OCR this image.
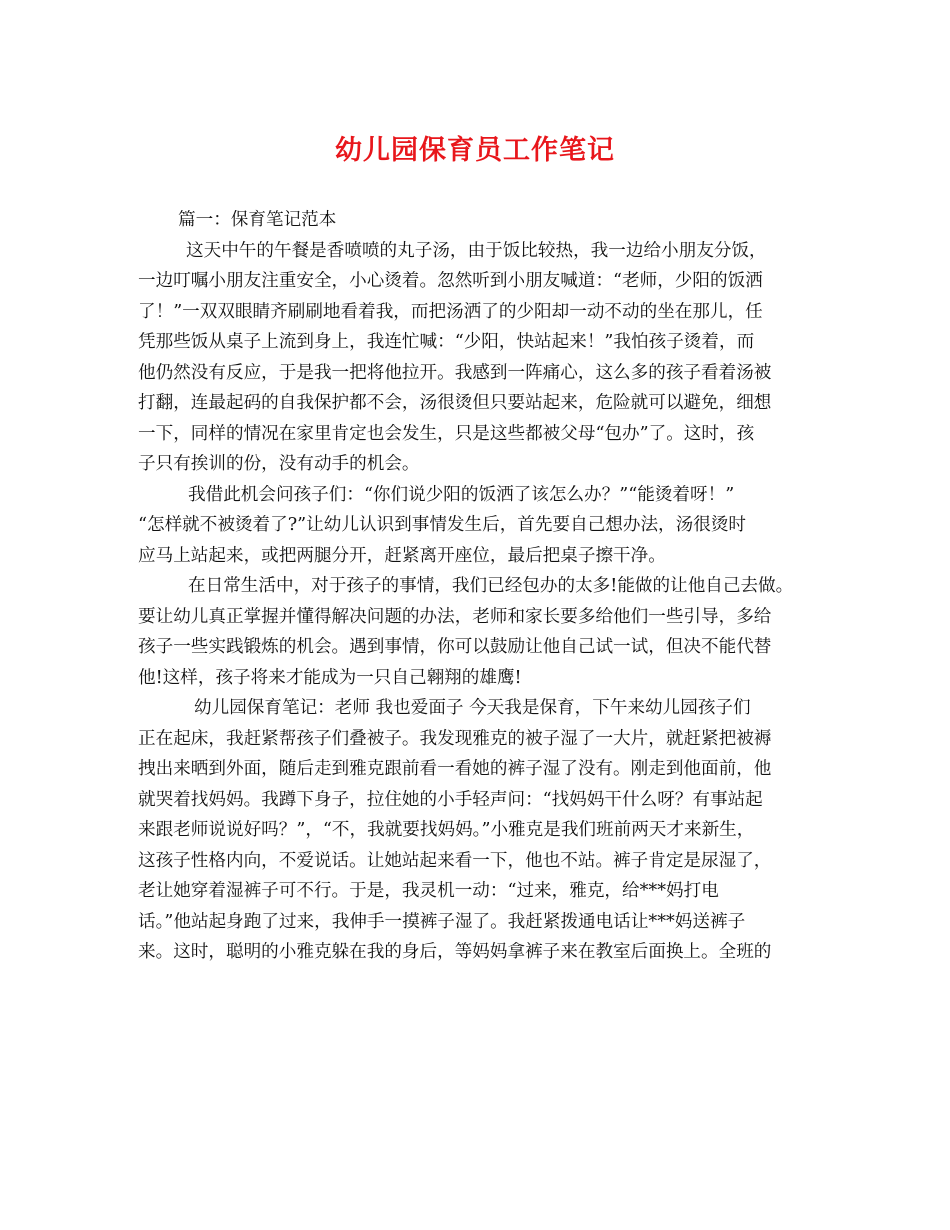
幼儿园保育员工作笔记
篇一：保育笔记范本
这天中午的午餐是香喷喷的丸子汤，由于饭比较热，我一边给小朋友分饭，
一边叮嘱小朋友注重安全，小心烫着。忽然听到小朋友喊道：“老师，少阳的饭洒
了！”一双双眼睛齐刷刷地看着我，而把汤洒了的少阳却一动不动的坐在那儿，任
凭那些饭从桌子上流到身上，我连忙喊：“少阳，快站起来！”我怕孩子烫着，而
他仍然没有反应，于是我一把将他拉开。我感到一阵痛心，这么多的孩子看着汤被
打翻，连最起码的自我保护都不会，汤很烫但只要站起来，危险就可以避免，细想
一下，同样的情况在家里肯定也会发生，只是这些都被父母“包办”了。这时，孩
子只有挨训的份，没有动手的机会。
我借此机会问孩子们：“你们说少阳的饭洒了该怎么办？”“能烫着呀！”
“怎样就不被烫着了?”让幼儿认识到事情发生后，首先要自己想办法，汤很烫时
应马上站起来，或把两腿分开，赶紧离开座位，最后把桌子擦干净。
在日常生活中，对于孩子的事情，我们已经包办的太多!能做的让他自己去做。
要让幼儿真正掌握并懂得解决问题的办法，老师和家长要多给他们一些引导，多给
孩子一些实践锻炼的机会。遇到事情，你可以鼓励让他自己试一试，但决不能代替
他!这样，孩子将来才能成为一只自己翱翔的雄鹰!
幼儿园保育笔记：老师 我也爱面子 今天我是保育，下午来幼儿园孩子们
正在起床，我赶紧帮孩子们叠被子。我发现雅克的被子湿了一大片，就赶紧把被褥
拽出来晒到外面，随后走到雅克跟前看一看她的裤子湿了没有。刚走到他面前，他
就哭着找妈妈。我蹲下身子，拉住她的小手轻声问：“找妈妈干什么呀？有事站起
来跟老师说说好吗？”，“不，我就要找妈妈。”小雅克是我们班前两天才来新生，
这孩子性格内向，不爱说话。让她站起来看一下，他也不站。裤子肯定是尿湿了，
老让她穿着湿裤子可不行。于是，我灵机一动：“过来，雅克，给***妈打电
话。”他站起身跑了过来，我伸手一摸裤子湿了。我赶紧拨通电话让***妈送裤子
来。这时，聪明的小雅克躲在我的身后，等妈妈拿裤子来在教室后面换上。全班的
